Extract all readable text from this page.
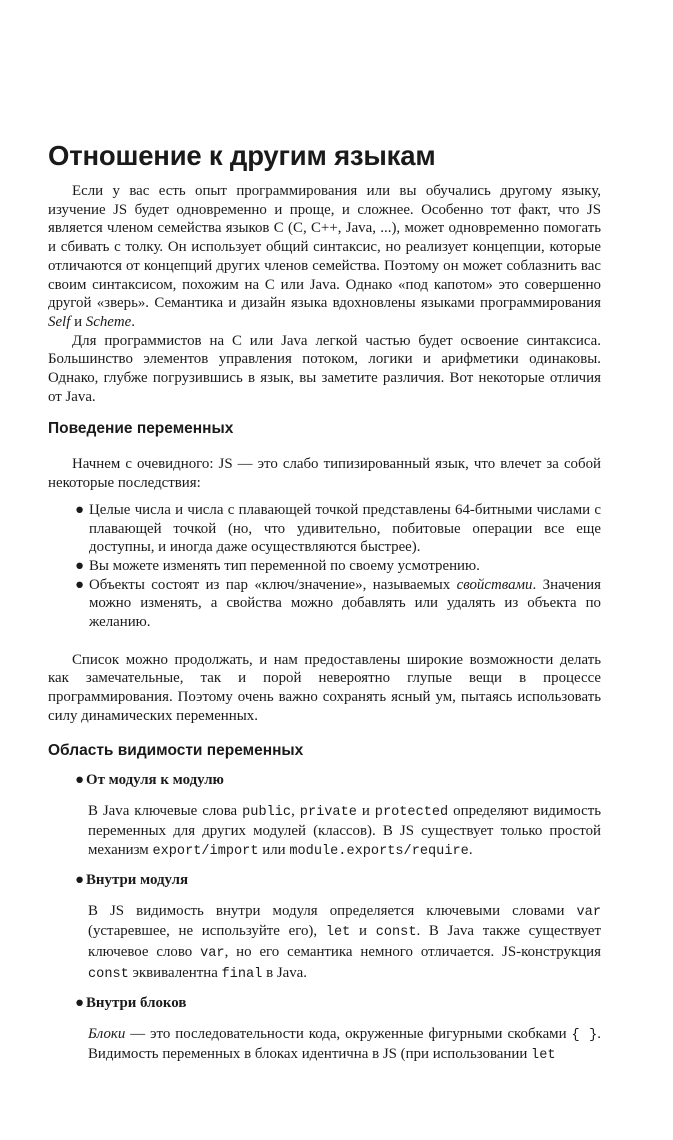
Отношение к другим языкам

Если у вас есть опыт программирования или вы обучались другому языку, изучение JS будет одновременно и проще, и сложнее. Особенно тот факт, что JS является членом семейства языков С (С, С++, Java, ...), может одновременно помогать и сбивать с толку. Он использует общий синтаксис, но реализует концепции, которые отличаются от концепций других членов семейства. Поэтому он может соблазнить вас своим синтаксисом, похожим на С или Java. Однако «под капотом» это совершенно другой «зверь». Семантика и дизайн языка вдохновлены языками программирования Self и Scheme.

Для программистов на С или Java легкой частью будет освоение синтаксиса. Большинство элементов управления потоком, логики и арифметики одинаковы. Однако, глубже погрузившись в язык, вы заметите различия. Вот некоторые отличия от Java.

Поведение переменных

Начнем с очевидного: JS — это слабо типизированный язык, что влечет за собой некоторые последствия:

● Целые числа и числа с плавающей точкой представлены 64-битными числами с плавающей точкой (но, что удивительно, побитовые операции все еще доступны, и иногда даже осуществляются быстрее).
● Вы можете изменять тип переменной по своему усмотрению.
● Объекты состоят из пар «ключ/значение», называемых свойствами. Значения можно изменять, а свойства можно добавлять или удалять из объекта по желанию.

Список можно продолжать, и нам предоставлены широкие возможности делать как замечательные, так и порой невероятно глупые вещи в процессе программирования. Поэтому очень важно сохранять ясный ум, пытаясь использовать силу динамических переменных.

Область видимости переменных

● От модуля к модулю

В Java ключевые слова public, private и protected определяют видимость переменных для других модулей (классов). В JS существует только простой механизм export/import или module.exports/require.

● Внутри модуля

В JS видимость внутри модуля определяется ключевыми словами var (устаревшее, не используйте его), let и const. В Java также существует ключевое слово var, но его семантика немного отличается. JS-конструкция const эквивалентна final в Java.

● Внутри блоков

Блоки — это последовательности кода, окруженные фигурными скобками { }. Видимость переменных в блоках идентична в JS (при использовании let
